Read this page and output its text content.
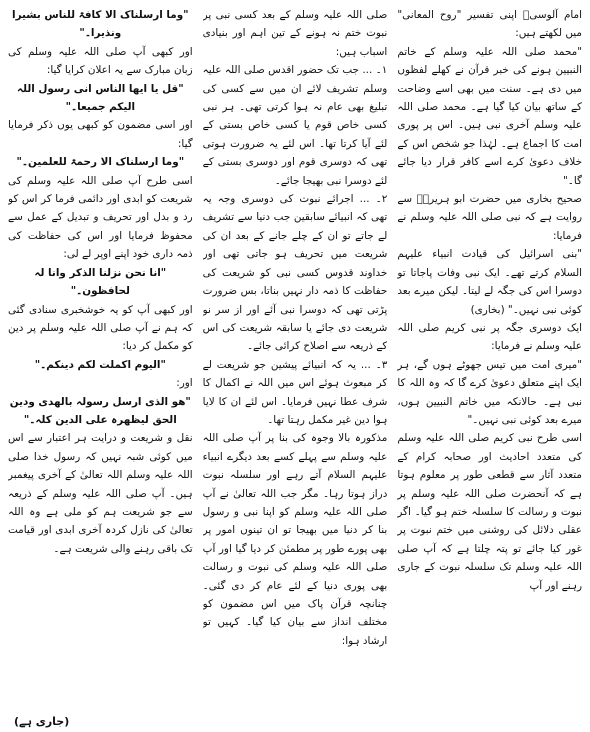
امام آلوسیؒ اپنی تفسیر "روح المعانی" میں لکھتے ہیں:

"محمد صلی اللہ علیہ وسلم کے خاتم النبیین ہونے کی خبر قرآن نے کھلے لفظوں میں دی ہے۔ سنت میں بھی اسے وضاحت کے ساتھ بیان کیا گیا ہے۔ محمد صلی اللہ علیہ وسلم آخری نبی ہیں۔ اس پر پوری امت کا اجماع ہے۔ لہٰذا جو شخص اس کے خلاف دعویٰ کرے اسے کافر قرار دیا جائے گا۔"

صحیح بخاری میں حضرت ابو ہریرہؓ سے روایت ہے کہ نبی صلی اللہ علیہ وسلم نے فرمایا:

"بنی اسرائیل کی قیادت انبیاء علیہم السلام کرتے تھے۔ ایک نبی وفات پاجاتا تو دوسرا اس کی جگہ لے لیتا۔ لیکن میرے بعد کوئی نبی نہیں۔" (بخاری)

ایک دوسری جگہ پر نبی کریم صلی اللہ علیہ وسلم نے فرمایا:

"میری امت میں تیس جھوٹے ہوں گے، ہر ایک اپنے متعلق دعویٰ کرے گا کہ وہ اللہ کا نبی ہے۔ حالانکہ میں خاتم النبیین ہوں، میرے بعد کوئی نبی نہیں۔"

اسی طرح نبی کریم صلی اللہ علیہ وسلم کی متعدد احادیث اور صحابہ کرام کے متعدد آثار سے قطعی طور پر معلوم ہوتا ہے کہ آنحضرت صلی اللہ علیہ وسلم پر نبوت و رسالت کا سلسلہ ختم ہو گیا۔ اگر عقلی دلائل کی روشنی میں ختم نبوت پر غور کیا جائے تو پتہ چلتا ہے کہ آپ صلی اللہ علیہ وسلم تک سلسلہ نبوت کے جاری رہنے اور آپ

صلی اللہ علیہ وسلم کے بعد کسی نبی پر نبوت ختم نہ ہونے کے تین اہم اور بنیادی اسباب ہیں:

۱۔ ... جب تک حضور اقدس صلی اللہ علیہ وسلم تشریف لائے ان میں سے کسی کی تبلیغ بھی عام نہ ہوا کرتی تھی۔ ہر نبی کسی خاص قوم یا کسی خاص بستی کے لئے آیا کرتا تھا۔ اس لئے یہ ضرورت ہوتی تھی کہ دوسری قوم اور دوسری بستی کے لئے دوسرا نبی بھیجا جائے۔

۲۔ ... اجرائے نبوت کی دوسری وجہ یہ تھی کہ انبیائے سابقین جب دنیا سے تشریف لے جاتے تو ان کے چلے جانے کے بعد ان کی شریعت میں تحریف ہو جاتی تھی اور خداوند قدوس کسی نبی کو شریعت کی حفاظت کا ذمہ دار نہیں بناتا، بس ضرورت پڑتی تھی کہ دوسرا نبی آئے اور از سر نو شریعت دی جائے یا سابقہ شریعت کی اس کے ذریعہ سے اصلاح کرائی جائے۔

۳۔ ... یہ کہ انبیائے پیشین جو شریعت لے کر مبعوث ہوئے اس میں اللہ نے اکمال کا شرف عطا نہیں فرمایا۔ اس لئے ان کا لایا ہوا دین غیر مکمل رہتا تھا۔

مذکورہ بالا وجوہ کی بنا پر آپ صلی اللہ علیہ وسلم سے پہلے کسے بعد دیگرے انبیاء علیہم السلام آتے رہے اور سلسلہ نبوت دراز ہوتا رہا۔ مگر جب اللہ تعالیٰ نے آپ صلی اللہ علیہ وسلم کو اپنا نبی و رسول بنا کر دنیا میں بھیجا تو ان تینوں امور پر بھی پورے طور پر مطمئن کر دیا گیا اور آپ صلی اللہ علیہ وسلم کی نبوت و رسالت بھی پوری دنیا کے لئے عام کر دی گئی۔ چنانچہ قرآن پاک میں اس مضمون کو مختلف انداز سے بیان کیا گیا۔ کہیں تو ارشاد ہوا:

"وما ارسلناک الا کافۃ للناس بشیرا ونذیرا۔"

اور کبھی آپ صلی اللہ علیہ وسلم کی زبان مبارک سے یہ اعلان کرایا گیا:

"قل یا ایھا الناس انی رسول اللہ الیکم جمیعا۔"

اور اسی مضمون کو کبھی یوں ذکر فرمایا گیا:

"وما ارسلناک الا رحمۃ للعلمین۔"

اسی طرح آپ صلی اللہ علیہ وسلم کی شریعت کو ابدی اور دائمی فرما کر اس کو رد و بدل اور تحریف و تبدیل کے عمل سے محفوظ فرمایا اور اس کی حفاظت کی ذمہ داری خود اپنے اوپر لے لی:

"انا نحن نزلنا الذکر وانا لہ لحافظون۔"

اور کبھی آپ کو یہ خوشخبری سنادی گئی کہ ہم نے آپ صلی اللہ علیہ وسلم پر دین کو مکمل کر دیا:

"الیوم اکملت لکم دینکم۔"

اور:

"ھو الذی ارسل رسولہ بالھدی ودین الحق لیظھرہ علی الدین کلہ۔"

نقل و شریعت و درایت ہر اعتبار سے اس میں کوئی شبہ نہیں کہ رسول خدا صلی اللہ علیہ وسلم اللہ تعالیٰ کے آخری پیغمبر ہیں۔ آپ صلی اللہ علیہ وسلم کے ذریعہ سے جو شریعت ہم کو ملی ہے وہ اللہ تعالیٰ کی نازل کردہ آخری ابدی اور قیامت تک باقی رہنے والی شریعت ہے۔

(جاری ہے)
